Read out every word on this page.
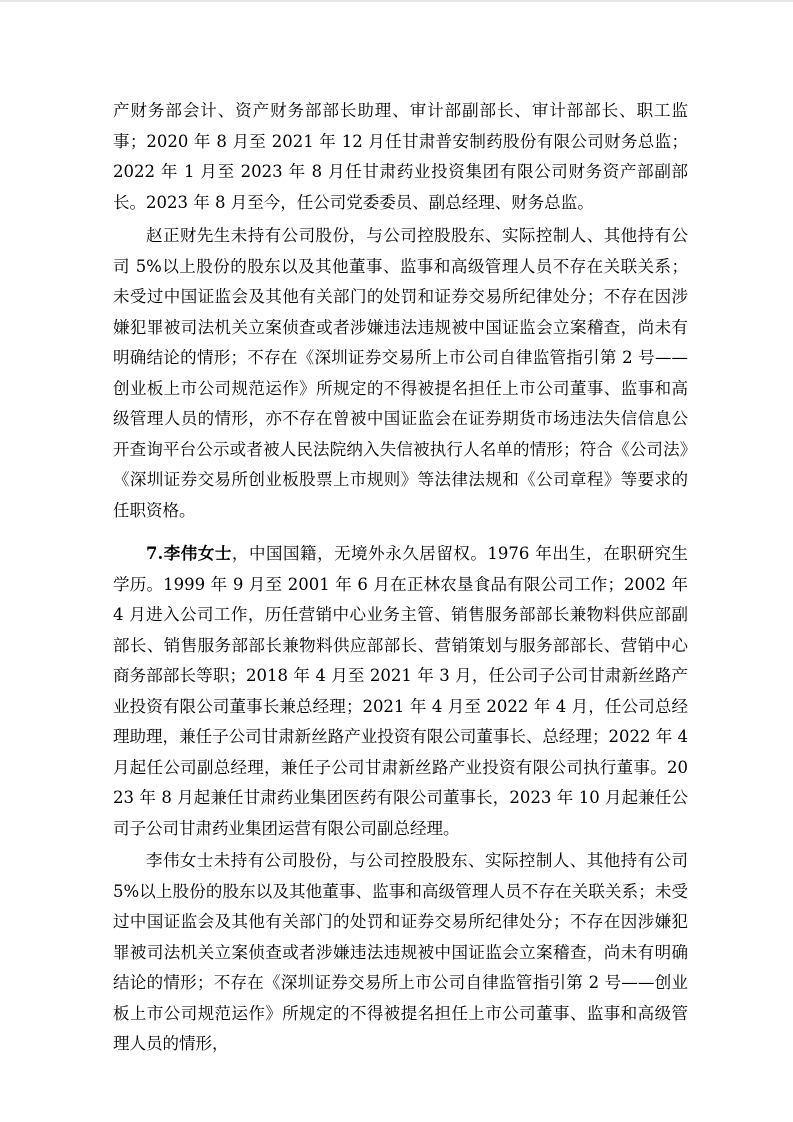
产财务部会计、资产财务部部长助理、审计部副部长、审计部部长、职工监事；2020 年 8 月至 2021 年 12 月任甘肃普安制药股份有限公司财务总监；2022 年 1 月至 2023 年 8 月任甘肃药业投资集团有限公司财务资产部副部长。2023 年 8 月至今，任公司党委委员、副总经理、财务总监。

赵正财先生未持有公司股份，与公司控股股东、实际控制人、其他持有公司 5%以上股份的股东以及其他董事、监事和高级管理人员不存在关联关系；未受过中国证监会及其他有关部门的处罚和证券交易所纪律处分；不存在因涉嫌犯罪被司法机关立案侦查或者涉嫌违法违规被中国证监会立案稽查，尚未有明确结论的情形；不存在《深圳证券交易所上市公司自律监管指引第 2 号——创业板上市公司规范运作》所规定的不得被提名担任上市公司董事、监事和高级管理人员的情形，亦不存在曾被中国证监会在证券期货市场违法失信信息公开查询平台公示或者被人民法院纳入失信被执行人名单的情形；符合《公司法》《深圳证券交易所创业板股票上市规则》等法律法规和《公司章程》等要求的任职资格。

7.李伟女士，中国国籍，无境外永久居留权。1976 年出生，在职研究生学历。1999 年 9 月至 2001 年 6 月在正林农垦食品有限公司工作；2002 年 4 月进入公司工作，历任营销中心业务主管、销售服务部部长兼物料供应部副部长、销售服务部部长兼物料供应部部长、营销策划与服务部部长、营销中心商务部部长等职；2018 年 4 月至 2021 年 3 月，任公司子公司甘肃新丝路产业投资有限公司董事长兼总经理；2021 年 4 月至 2022 年 4 月，任公司总经理助理，兼任子公司甘肃新丝路产业投资有限公司董事长、总经理；2022 年 4 月起任公司副总经理，兼任子公司甘肃新丝路产业投资有限公司执行董事。2023 年 8 月起兼任甘肃药业集团医药有限公司董事长，2023 年 10 月起兼任公司子公司甘肃药业集团运营有限公司副总经理。

李伟女士未持有公司股份，与公司控股股东、实际控制人、其他持有公司 5%以上股份的股东以及其他董事、监事和高级管理人员不存在关联关系；未受过中国证监会及其他有关部门的处罚和证券交易所纪律处分；不存在因涉嫌犯罪被司法机关立案侦查或者涉嫌违法违规被中国证监会立案稽查，尚未有明确结论的情形；不存在《深圳证券交易所上市公司自律监管指引第 2 号——创业板上市公司规范运作》所规定的不得被提名担任上市公司董事、监事和高级管理人员的情形，
